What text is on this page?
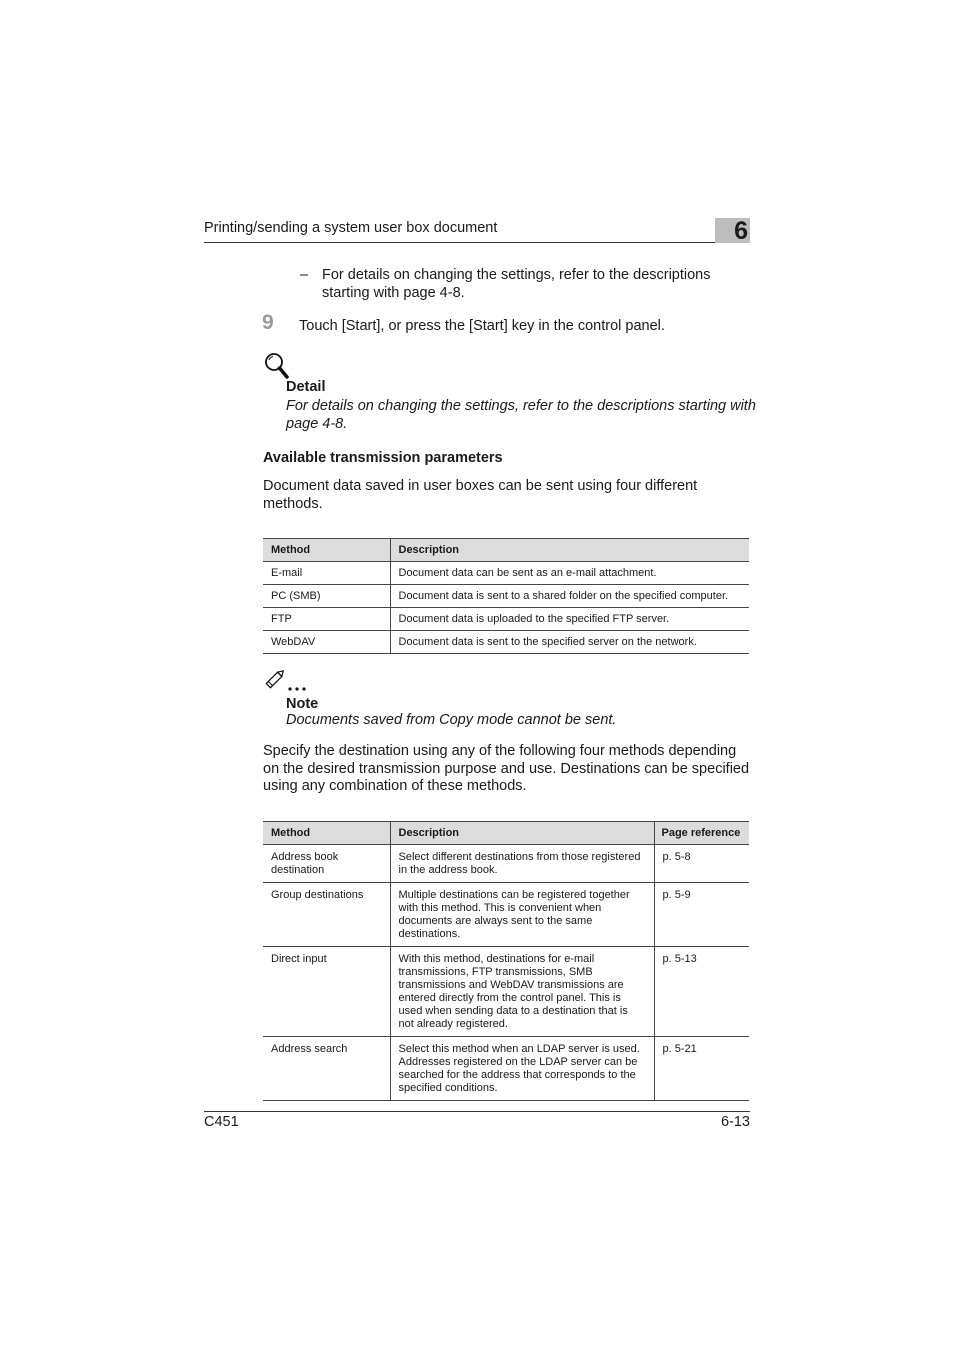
Printing/sending a system user box document	6
– For details on changing the settings, refer to the descriptions starting with page 4-8.
9 Touch [Start], or press the [Start] key in the control panel.
Detail
For details on changing the settings, refer to the descriptions starting with page 4-8.
Available transmission parameters
Document data saved in user boxes can be sent using four different methods.
Method	Description
E-mail	Document data can be sent as an e-mail attachment.
PC (SMB)	Document data is sent to a shared folder on the specified computer.
FTP	Document data is uploaded to the specified FTP server.
WebDAV	Document data is sent to the specified server on the network.
Note
Documents saved from Copy mode cannot be sent.
Specify the destination using any of the following four methods depending on the desired transmission purpose and use. Destinations can be specified using any combination of these methods.
Method	Description	Page reference
Address book destination	Select different destinations from those registered in the address book.	p. 5-8
Group destinations	Multiple destinations can be registered together with this method. This is convenient when documents are always sent to the same destinations.	p. 5-9
Direct input	With this method, destinations for e-mail transmissions, FTP transmissions, SMB transmissions and WebDAV transmissions are entered directly from the control panel. This is used when sending data to a destination that is not already registered.	p. 5-13
Address search	Select this method when an LDAP server is used. Addresses registered on the LDAP server can be searched for the address that corresponds to the specified conditions.	p. 5-21
C451	6-13
